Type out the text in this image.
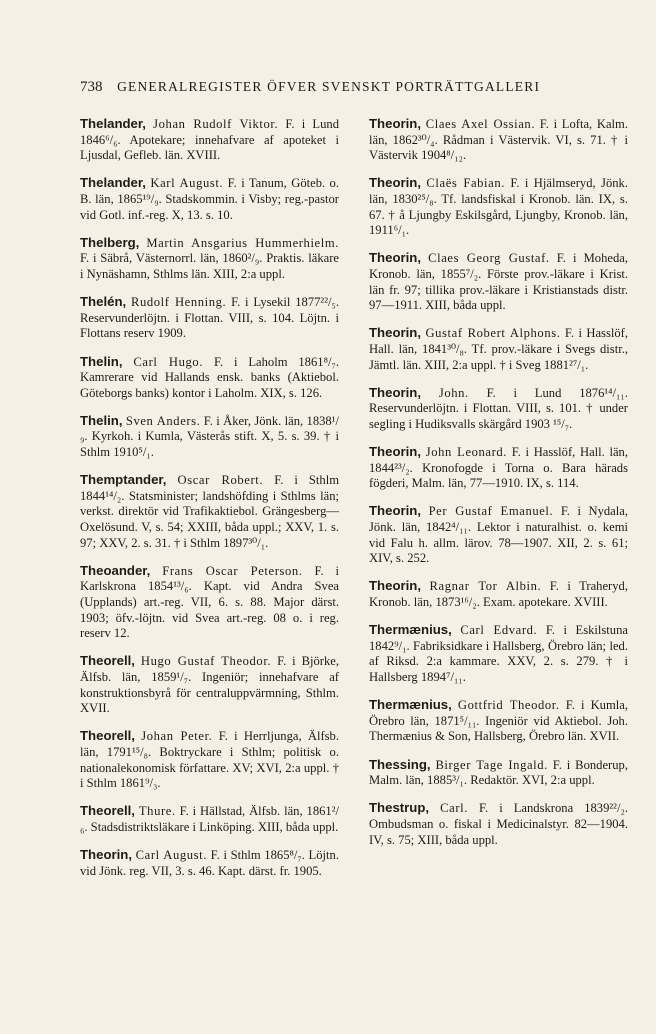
738 GENERALREGISTER ÖFVER SVENSKT PORTRÄTTGALLERI

Thelander, Johan Rudolf Viktor. F. i Lund 1846⁶/₆. Apotekare; innehafvare af apoteket i Ljusdal, Gefleb. län. XVIII.

Thelander, Karl August. F. i Tanum, Göteb. o. B. län, 1865¹⁹/₉. Stadskommin. i Visby; reg.-pastor vid Gotl. inf.-reg. X, 13. s. 10.

Thelberg, Martin Ansgarius Hummerhielm. F. i Säbrå, Västernorrl. län, 1860²/₉. Praktis. läkare i Nynäshamn, Sthlms län. XIII, 2:a uppl.

Thelén, Rudolf Henning. F. i Lysekil 1877²²/₅. Reservunderlöjtn. i Flottan. VIII, s. 104. Löjtn. i Flottans reserv 1909.

Thelin, Carl Hugo. F. i Laholm 1861⁸/₇. Kamrerare vid Hallands ensk. banks (Aktiebol. Göteborgs banks) kontor i Laholm. XIX, s. 126.

Thelin, Sven Anders. F. i Åker, Jönk. län, 1838¹/₉. Kyrkoh. i Kumla, Västerås stift. X, 5. s. 39. † i Sthlm 1910⁵/₁.

Themptander, Oscar Robert. F. i Sthlm 1844¹⁴/₂. Statsminister; landshöfding i Sthlms län; verkst. direktör vid Trafikaktiebol. Grängesberg—Oxelösund. V, s. 54; XXIII, båda uppl.; XXV, 1. s. 97; XXV, 2. s. 31. † i Sthlm 1897³⁰/₁.

Theoander, Frans Oscar Peterson. F. i Karlskrona 1854¹³/₆. Kapt. vid Andra Svea (Upplands) art.-reg. VII, 6. s. 88. Major därst. 1903; öfv.-löjtn. vid Svea art.-reg. 08 o. i reg. reserv 12.

Theorell, Hugo Gustaf Theodor. F. i Björke, Älfsb. län, 1859¹/₇. Ingeniör; innehafvare af konstruktionsbyrå för centraluppvärmning, Sthlm. XVII.

Theorell, Johan Peter. F. i Herrljunga, Älfsb. län, 1791¹⁵/₈. Boktryckare i Sthlm; politisk o. nationalekonomisk författare. XV; XVI, 2:a uppl. † i Sthlm 1861⁹/₃.

Theorell, Thure. F. i Hällstad, Älfsb. län, 1861²/₆. Stadsdistriktsläkare i Linköping. XIII, båda uppl.

Theorin, Carl August. F. i Sthlm 1865⁸/₇. Löjtn. vid Jönk. reg. VII, 3. s. 46. Kapt. därst. fr. 1905.

Theorin, Claes Axel Ossian. F. i Lofta, Kalm. län, 1862³⁰/₄. Rådman i Västervik. VI, s. 71. † i Västervik 1904⁸/₁₂.

Theorin, Claës Fabian. F. i Hjälmseryd, Jönk. län, 1830²⁵/₈. Tf. landsfiskal i Kronob. län. IX, s. 67. † å Ljungby Eskilsgård, Ljungby, Kronob. län, 1911⁶/₁.

Theorin, Claes Georg Gustaf. F. i Moheda, Kronob. län, 1855⁷/₂. Förste prov.-läkare i Krist. län fr. 97; tillika prov.-läkare i Kristianstads distr. 97—1911. XIII, båda uppl.

Theorin, Gustaf Robert Alphons. F. i Hasslöf, Hall. län, 1841³⁰/₈. Tf. prov.-läkare i Svegs distr., Jämtl. län. XIII, 2:a uppl. † i Sveg 1881²⁷/₁.

Theorin, John. F. i Lund 1876¹⁴/₁₁. Reservunderlöjtn. i Flottan. VIII, s. 101. † under segling i Hudiksvalls skärgård 1903 ¹⁵/₇.

Theorin, John Leonard. F. i Hasslöf, Hall. län, 1844²³/₂. Kronofogde i Torna o. Bara härads fögderi, Malm. län, 77—1910. IX, s. 114.

Theorin, Per Gustaf Emanuel. F. i Nydala, Jönk. län, 1842⁴/₁₁. Lektor i naturalhist. o. kemi vid Falu h. allm. lärov. 78—1907. XII, 2. s. 61; XIV, s. 252.

Theorin, Ragnar Tor Albin. F. i Traheryd, Kronob. län, 1873¹⁶/₂. Exam. apotekare. XVIII.

Thermænius, Carl Edvard. F. i Eskilstuna 1842⁹/₁. Fabriksidkare i Hallsberg, Örebro län; led. af Riksd. 2:a kammare. XXV, 2. s. 279. † i Hallsberg 1894⁷/₁₁.

Thermænius, Gottfrid Theodor. F. i Kumla, Örebro län, 1871⁵/₁₁. Ingeniör vid Aktiebol. Joh. Thermænius & Son, Hallsberg, Örebro län. XVII.

Thessing, Birger Tage Ingald. F. i Bonderup, Malm. län, 1885³/₁. Redaktör. XVI, 2:a uppl.

Thestrup, Carl. F. i Landskrona 1839²²/₂. Ombudsman o. fiskal i Medicinalstyr. 82—1904. IV, s. 75; XIII, båda uppl.
